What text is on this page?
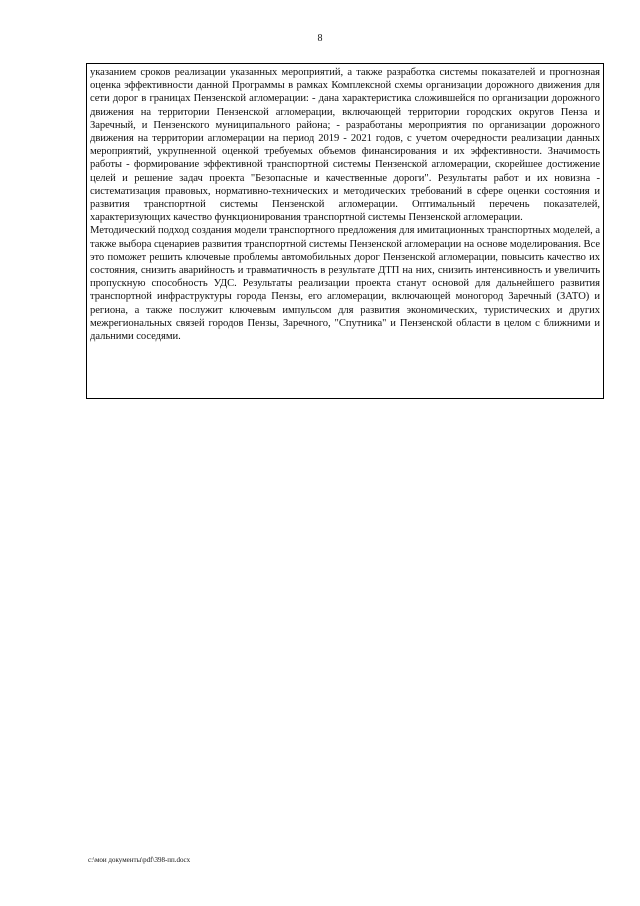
8

указанием сроков реализации указанных мероприятий, а также разработка системы показателей и прогнозная оценка эффективности данной Программы в рамках Комплексной схемы организации дорожного движения для сети дорог в границах Пензенской агломерации: - дана характеристика сложившейся по организации дорожного движения на территории Пензенской агломерации, включающей территории городских округов Пенза и Заречный, и Пензенского муниципального района; - разработаны мероприятия по организации дорожного движения на территории агломерации на период 2019 - 2021 годов, с учетом очередности реализации данных мероприятий, укрупненной оценкой требуемых объемов финансирования и их эффективности. Значимость работы - формирование эффективной транспортной системы Пензенской агломерации, скорейшее достижение целей и решение задач проекта "Безопасные и качественные дороги". Результаты работ и их новизна - систематизация правовых, нормативно-технических и методических требований в сфере оценки состояния и развития транспортной системы Пензенской агломерации. Оптимальный перечень показателей, характеризующих качество функционирования транспортной системы Пензенской агломерации.

Методический подход создания модели транспортного предложения для имитационных транспортных моделей, а также выбора сценариев развития транспортной системы Пензенской агломерации на основе моделирования. Все это поможет решить ключевые проблемы автомобильных дорог Пензенской агломерации, повысить качество их состояния, снизить аварийность и травматичность в результате ДТП на них, снизить интенсивность и увеличить пропускную способность УДС. Результаты реализации проекта станут основой для дальнейшего развития транспортной инфраструктуры города Пензы, его агломерации, включающей моногород Заречный (ЗАТО) и региона, а также послужит ключевым импульсом для развития экономических, туристических и других межрегиональных связей городов Пензы, Заречного, "Спутника" и Пензенской области в целом с ближними и дальними соседями.

c:\мои документы\pdf\398-пп.docx
